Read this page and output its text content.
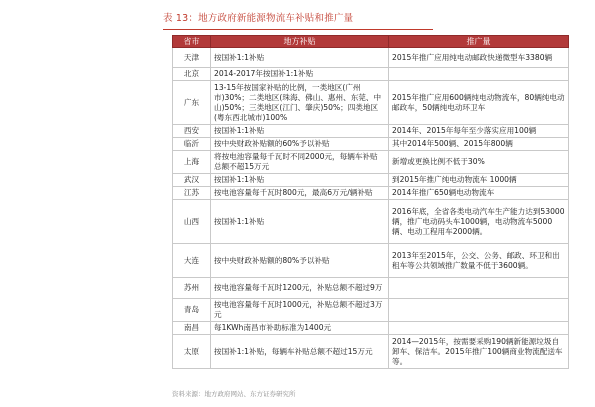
表 13：地方政府新能源物流车补贴和推广量
省市	地方补贴	推广量
天津	按国补1:1补贴	2015年推广应用纯电动邮政快递微型车3380辆
北京	2014-2017年按国补1:1补贴	
广东	13-15年按国家补贴的比例，一类地区(广州市)30%；二类地区(珠海、佛山、惠州、东莞、中山)50%；三类地区(江门、肇庆)50%；四类地区(粤东西北城市)100%	2015年推广应用600辆纯电动物流车，80辆纯电动邮政车，50辆纯电动环卫车
西安	按国补1:1补贴	2014年、2015年每年至少落实应用100辆
临沂	按中央财政补贴额的60%予以补贴	其中2014年500辆、2015年800辆
上海	将按电池容量每千瓦时不同2000元，每辆车补贴总额不超15万元	新增或更换比例不低于30%
武汉	按国补1:1补贴	到2015年推广纯电动物流车 1000辆
江苏	按电池容量每千瓦时800元，最高6万元/辆补贴	2014年推广650辆电动物流车
山西	按国补1:1补贴	2016年底，全省各类电动汽车生产能力达到53000辆，推广电动码头车1000辆，电动物流车5000辆、电动工程用车2000辆。
大连	按中央财政补贴额的80%予以补贴	2013年至2015年，公交、公务、邮政、环卫和出租车等公共领域推广数量不低于3600辆。
苏州	按电池容量每千瓦时1200元，补贴总额不超过9万	
青岛	按电池容量每千瓦时1000元，补贴总额不超过3万元	
南昌	每1KWh南昌市补助标准为1400元	
太原	按国补1:1补贴，每辆车补贴总额不超过15万元	2014—2015年，按需要采购190辆新能源垃圾自卸车、保洁车。2015年推广100辆商业物流配送车等。
资料来源：地方政府网站、东方证券研究所
